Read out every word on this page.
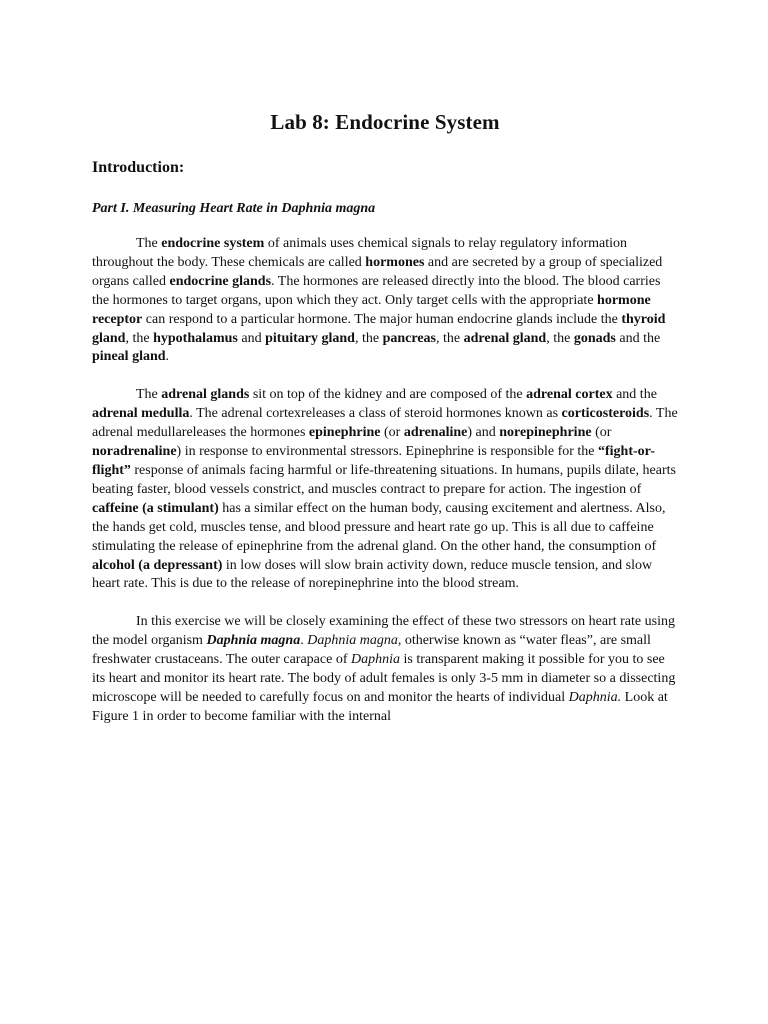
Lab 8: Endocrine System
Introduction:
Part I. Measuring Heart Rate in Daphnia magna

The endocrine system of animals uses chemical signals to relay regulatory information throughout the body. These chemicals are called hormones and are secreted by a group of specialized organs called endocrine glands. The hormones are released directly into the blood. The blood carries the hormones to target organs, upon which they act. Only target cells with the appropriate hormone receptor can respond to a particular hormone. The major human endocrine glands include the thyroid gland, the hypothalamus and pituitary gland, the pancreas, the adrenal gland, the gonads and the pineal gland.

The adrenal glands sit on top of the kidney and are composed of the adrenal cortex and the adrenal medulla. The adrenal cortexreleases a class of steroid hormones known as corticosteroids. The adrenal medullareleases the hormones epinephrine (or adrenaline) and norepinephrine (or noradrenaline) in response to environmental stressors. Epinephrine is responsible for the “fight-or-flight” response of animals facing harmful or life-threatening situations. In humans, pupils dilate, hearts beating faster, blood vessels constrict, and muscles contract to prepare for action. The ingestion of caffeine (a stimulant) has a similar effect on the human body, causing excitement and alertness. Also, the hands get cold, muscles tense, and blood pressure and heart rate go up. This is all due to caffeine stimulating the release of epinephrine from the adrenal gland. On the other hand, the consumption of alcohol (a depressant) in low doses will slow brain activity down, reduce muscle tension, and slow heart rate. This is due to the release of norepinephrine into the blood stream.

In this exercise we will be closely examining the effect of these two stressors on heart rate using the model organism Daphnia magna. Daphnia magna, otherwise known as “water fleas”, are small freshwater crustaceans. The outer carapace of Daphnia is transparent making it possible for you to see its heart and monitor its heart rate. The body of adult females is only 3-5 mm in diameter so a dissecting microscope will be needed to carefully focus on and monitor the hearts of individual Daphnia. Look at Figure 1 in order to become familiar with the internal
